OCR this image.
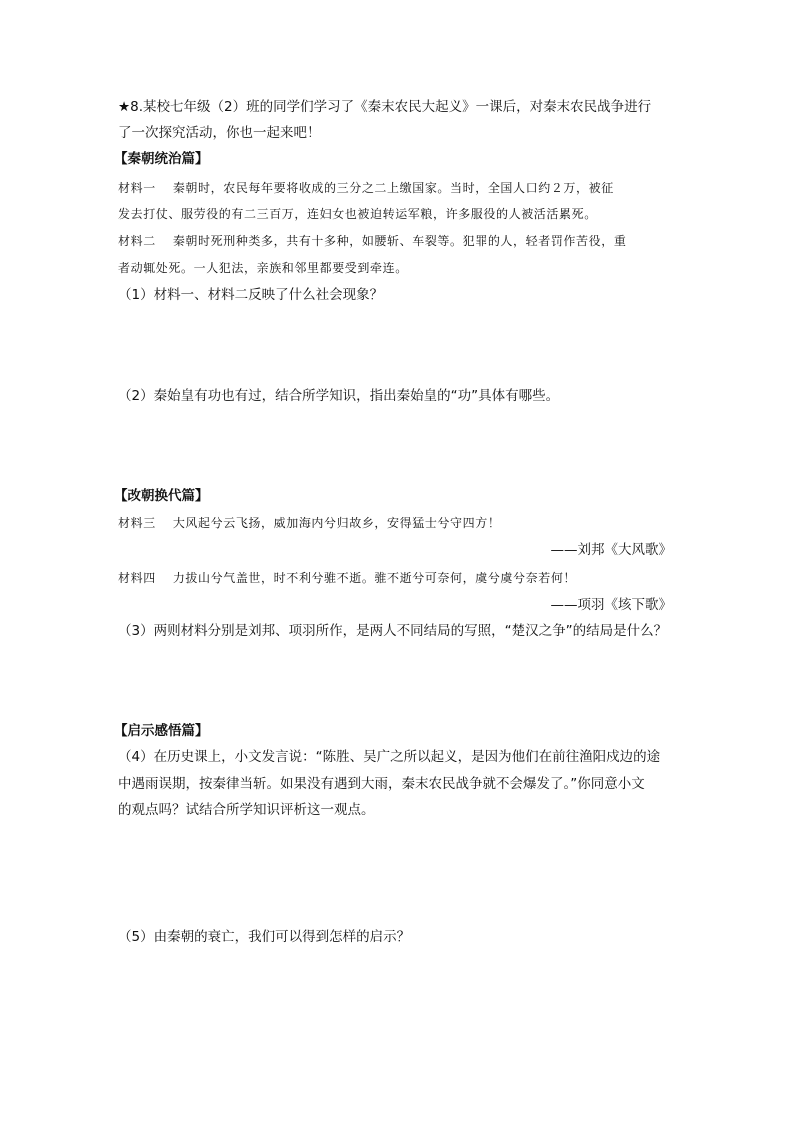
★8.某校七年级（2）班的同学们学习了《秦末农民大起义》一课后，对秦末农民战争进行
了一次探究活动，你也一起来吧！
【秦朝统治篇】
材料一　 秦朝时，农民每年要将收成的三分之二上缴国家。当时，全国人口约２万，被征
发去打仗、服劳役的有二三百万，连妇女也被迫转运军粮，许多服役的人被活活累死。
材料二　 秦朝时死刑种类多，共有十多种，如腰斩、车裂等。犯罪的人，轻者罚作苦役，重
者动辄处死。一人犯法，亲族和邻里都要受到牵连。
（1）材料一、材料二反映了什么社会现象？
（2）秦始皇有功也有过，结合所学知识，指出秦始皇的“功”具体有哪些。
【改朝换代篇】
材料三　 大风起兮云飞扬，威加海内兮归故乡，安得猛士兮守四方！
——刘邦《大风歌》
材料四　 力拔山兮气盖世，时不利兮骓不逝。骓不逝兮可奈何，虞兮虞兮奈若何！
——项羽《垓下歌》
（3）两则材料分别是刘邦、项羽所作，是两人不同结局的写照，“楚汉之争”的结局是什么？
【启示感悟篇】
（4）在历史课上，小文发言说：“陈胜、吴广之所以起义，是因为他们在前往渔阳戍边的途
中遇雨误期，按秦律当斩。如果没有遇到大雨，秦末农民战争就不会爆发了。”你同意小文
的观点吗？试结合所学知识评析这一观点。
（5）由秦朝的衰亡，我们可以得到怎样的启示？
